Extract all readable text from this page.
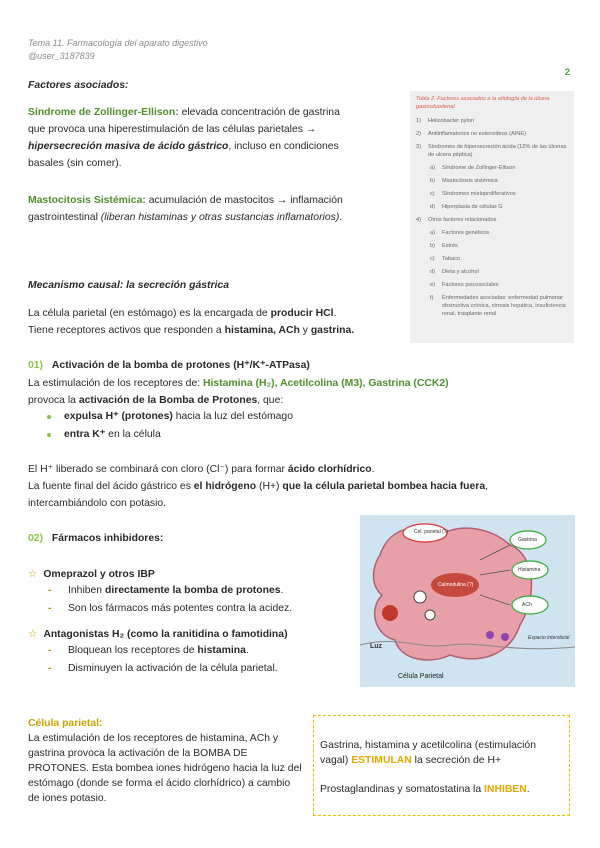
Tema 11. Farmacología del aparato digestivo
@user_3187839
2
Factores asociados:
Síndrome de Zollinger-Ellison: elevada concentración de gastrina
que provoca una hiperestimulación de las células parietales →
hipersecreción masiva de ácido gástrico, incluso en condiciones
basales (sin comer).
Mastocitosis Sistémica: acumulación de mastocitos → inflamación
gastrointestinal (liberan histaminas y otras sustancias inflamatorios).
Tabla 2. Factores asociados a la etiología de la úlcera gastroduodenal
1) Helicobacter pylori
2) Antiinflamatorios no esteroideos (AINE)
3) Síndromes de hipersecreción ácida (12% de las úlceras de ulcera péptica)
a) Síndrome de Zollinger-Ellison
b) Mastocitosis sistémica
c) Síndromes mieloproliferativos
d) Hiperplasia de células G
4) Otros factores relacionados
a) Factores genéticos
b) Estrés
c) Tabaco
d) Dieta y alcohol
e) Factores psicosociales
f) Enfermedades asociadas: enfermedad pulmonar obstructiva crónica, cirrosis hepática, insuficiencia renal, trasplante renal
Mecanismo causal: la secreción gástrica
La célula parietal (en estómago) es la encargada de producir HCl.
Tiene receptores activos que responden a histamina, ACh y gastrina.
01) Activación de la bomba de protones (H⁺/K⁺-ATPasa)
La estimulación de los receptores de: Histamina (H₂), Acetilcolina (M3), Gastrina (CCK2)
provoca la activación de la Bomba de Protones, que:
expulsa H⁺ (protones) hacia la luz del estómago
entra K⁺ en la célula
El H⁺ liberado se combinará con cloro (Cl⁻) para formar ácido clorhídrico.
La fuente final del ácido gástrico es el hidrógeno (H+) que la célula parietal bombea hacia fuera,
intercambiándolo con potasio.
02) Fármacos inhibidores:
☆ Omeprazol y otros IBP
- Inhiben directamente la bomba de protones.
- Son los fármacos más potentes contra la acidez.
☆ Antagonistas H₂ (como la ranitidina o famotidina)
- Bloquean los receptores de histamina.
- Disminuyen la activación de la célula parietal.
Cel. parietal (?)
Calmodulina (?)
Gastrina
Histamina
ACh
Luz
Espacio intersticial
Célula Parietal
Célula parietal:
La estimulación de los receptores de histamina, ACh y gastrina provoca la activación de la BOMBA DE PROTONES. Esta bombea iones hidrógeno hacia la luz del estómago (donde se forma el ácido clorhídrico) a cambio de iones potasio.
Gastrina, histamina y acetilcolina (estimulación vagal) ESTIMULAN la secreción de H+
Prostaglandinas y somatostatina la INHIBEN.
